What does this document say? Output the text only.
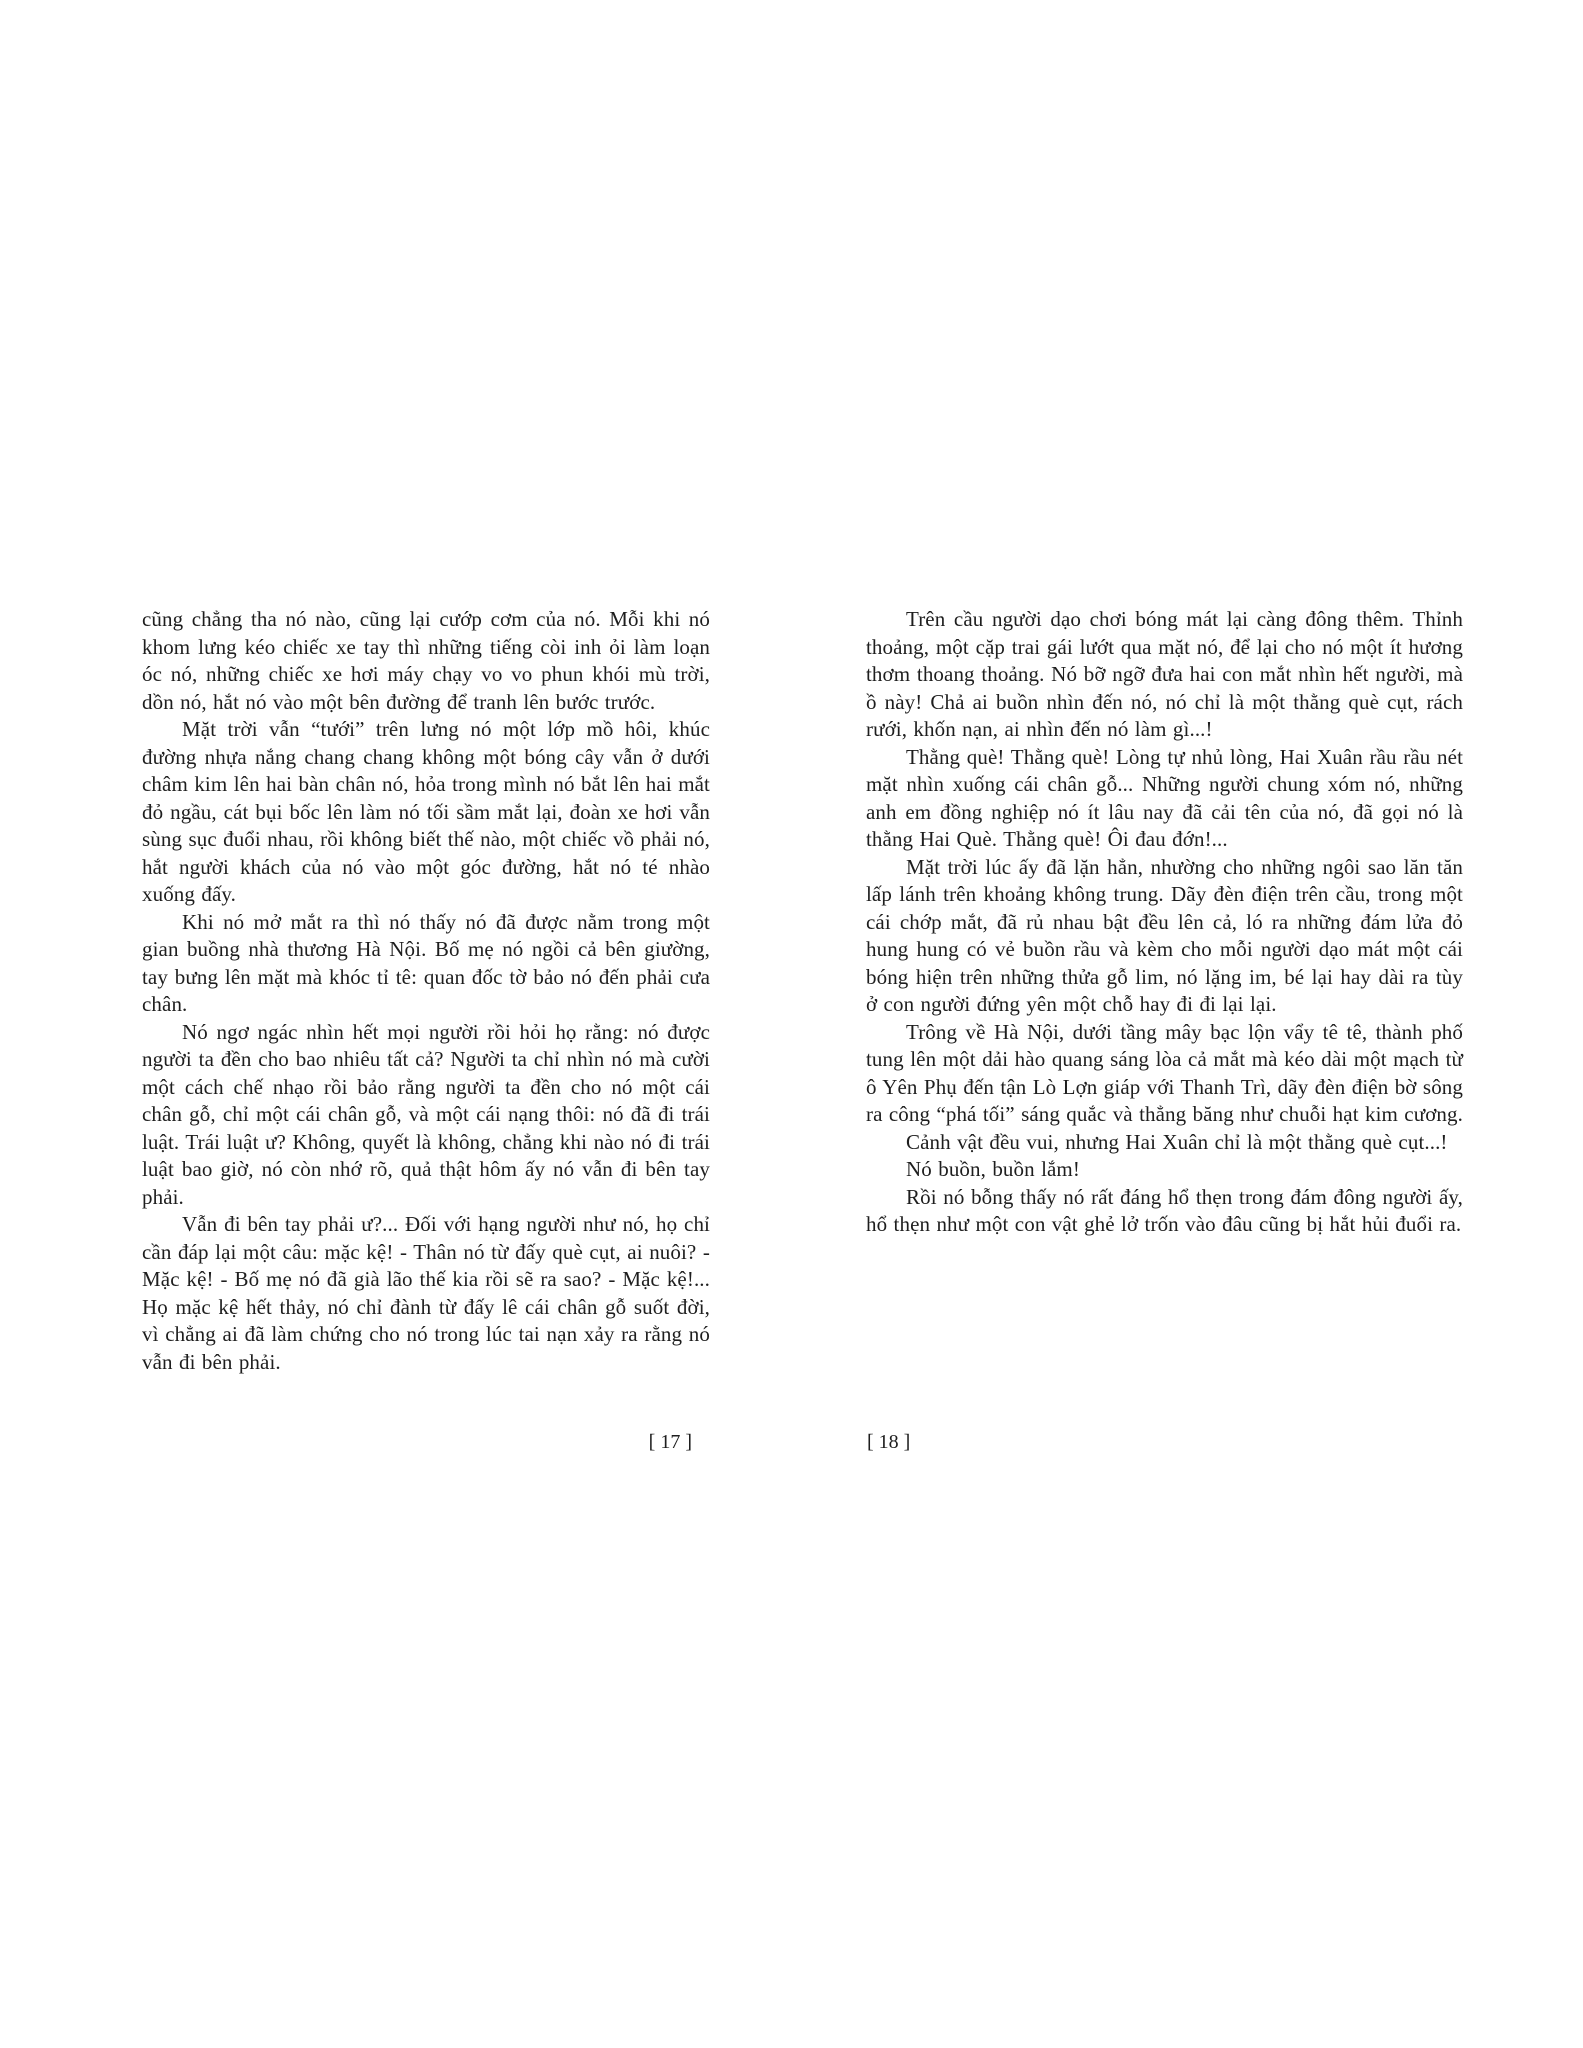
cũng chẳng tha nó nào, cũng lại cướp cơm của nó. Mỗi khi nó khom lưng kéo chiếc xe tay thì những tiếng còi inh ỏi làm loạn óc nó, những chiếc xe hơi máy chạy vo vo phun khói mù trời, dồn nó, hắt nó vào một bên đường để tranh lên bước trước.

Mặt trời vẫn “tưới” trên lưng nó một lớp mồ hôi, khúc đường nhựa nắng chang chang không một bóng cây vẫn ở dưới châm kim lên hai bàn chân nó, hỏa trong mình nó bắt lên hai mắt đỏ ngầu, cát bụi bốc lên làm nó tối sầm mắt lại, đoàn xe hơi vẫn sùng sục đuổi nhau, rồi không biết thế nào, một chiếc vồ phải nó, hắt người khách của nó vào một góc đường, hắt nó té nhào xuống đấy.

Khi nó mở mắt ra thì nó thấy nó đã được nằm trong một gian buồng nhà thương Hà Nội. Bố mẹ nó ngồi cả bên giường, tay bưng lên mặt mà khóc tỉ tê: quan đốc tờ bảo nó đến phải cưa chân.

Nó ngơ ngác nhìn hết mọi người rồi hỏi họ rằng: nó được người ta đền cho bao nhiêu tất cả? Người ta chỉ nhìn nó mà cười một cách chế nhạo rồi bảo rằng người ta đền cho nó một cái chân gỗ, chỉ một cái chân gỗ, và một cái nạng thôi: nó đã đi trái luật. Trái luật ư? Không, quyết là không, chẳng khi nào nó đi trái luật bao giờ, nó còn nhớ rõ, quả thật hôm ấy nó vẫn đi bên tay phải.

Vẫn đi bên tay phải ư?... Đối với hạng người như nó, họ chỉ cần đáp lại một câu: mặc kệ! - Thân nó từ đấy què cụt, ai nuôi? - Mặc kệ! - Bố mẹ nó đã già lão thế kia rồi sẽ ra sao? - Mặc kệ!... Họ mặc kệ hết thảy, nó chỉ đành từ đấy lê cái chân gỗ suốt đời, vì chẳng ai đã làm chứng cho nó trong lúc tai nạn xảy ra rằng nó vẫn đi bên phải.

[ 17 ]

Trên cầu người dạo chơi bóng mát lại càng đông thêm. Thỉnh thoảng, một cặp trai gái lướt qua mặt nó, để lại cho nó một ít hương thơm thoang thoảng. Nó bỡ ngỡ đưa hai con mắt nhìn hết người, mà ồ này! Chả ai buồn nhìn đến nó, nó chỉ là một thằng què cụt, rách rưới, khốn nạn, ai nhìn đến nó làm gì...!

Thằng què! Thằng què! Lòng tự nhủ lòng, Hai Xuân rầu rầu nét mặt nhìn xuống cái chân gỗ... Những người chung xóm nó, những anh em đồng nghiệp nó ít lâu nay đã cải tên của nó, đã gọi nó là thằng Hai Què. Thằng què! Ôi đau đớn!...

Mặt trời lúc ấy đã lặn hẳn, nhường cho những ngôi sao lăn tăn lấp lánh trên khoảng không trung. Dãy đèn điện trên cầu, trong một cái chớp mắt, đã rủ nhau bật đều lên cả, ló ra những đám lửa đỏ hung hung có vẻ buồn rầu và kèm cho mỗi người dạo mát một cái bóng hiện trên những thửa gỗ lim, nó lặng im, bé lại hay dài ra tùy ở con người đứng yên một chỗ hay đi đi lại lại.

Trông về Hà Nội, dưới tầng mây bạc lộn vẩy tê tê, thành phố tung lên một dải hào quang sáng lòa cả mắt mà kéo dài một mạch từ ô Yên Phụ đến tận Lò Lợn giáp với Thanh Trì, dãy đèn điện bờ sông ra công “phá tối” sáng quắc và thẳng băng như chuỗi hạt kim cương.

Cảnh vật đều vui, nhưng Hai Xuân chỉ là một thằng què cụt...!

Nó buồn, buồn lắm!

Rồi nó bỗng thấy nó rất đáng hổ thẹn trong đám đông người ấy, hổ thẹn như một con vật ghẻ lở trốn vào đâu cũng bị hắt hủi đuổi ra.

[ 18 ]
